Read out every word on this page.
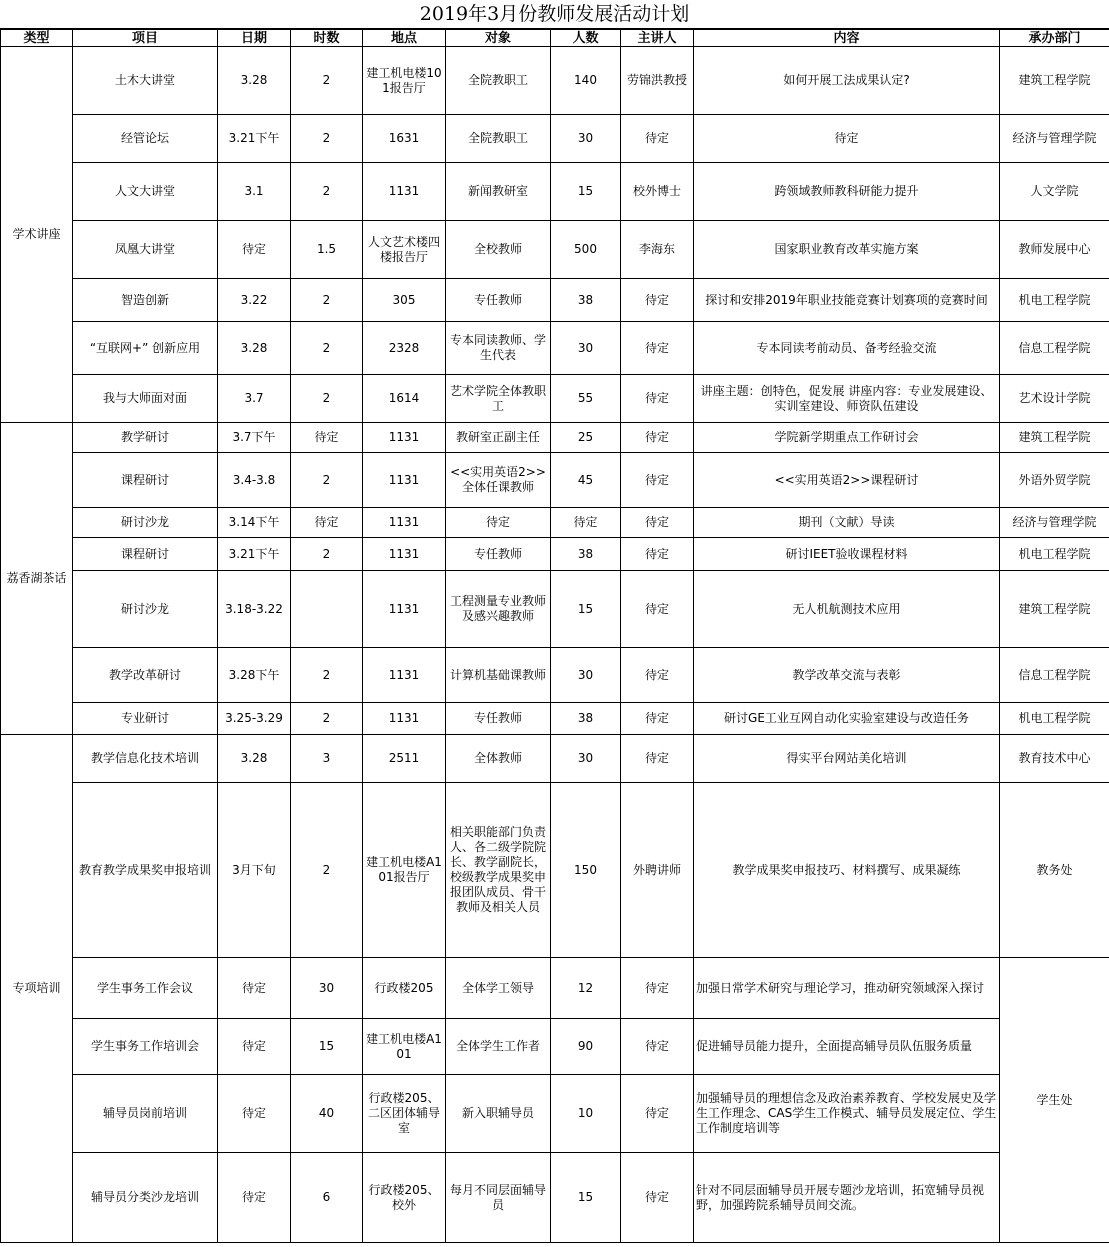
2019年3月份教师发展活动计划
类型	项目	日期	时数	地点	对象	人数	主讲人	内容	承办部门
学术讲座	土木大讲堂	3.28	2	建工机电楼101报告厅	全院教职工	140	劳锦洪教授	如何开展工法成果认定?	建筑工程学院
	经管论坛	3.21下午	2	1631	全院教职工	30	待定	待定	经济与管理学院
	人文大讲堂	3.1	2	1131	新闻教研室	15	校外博士	跨领域教师教科研能力提升	人文学院
	凤凰大讲堂	待定	1.5	人文艺术楼四楼报告厅	全校教师	500	李海东	国家职业教育改革实施方案	教师发展中心
	智造创新	3.22	2	305	专任教师	38	待定	探讨和安排2019年职业技能竞赛计划赛项的竞赛时间	机电工程学院
	“互联网+” 创新应用	3.28	2	2328	专本同读教师、学生代表	30	待定	专本同读考前动员、备考经验交流	信息工程学院
	我与大师面对面	3.7	2	1614	艺术学院全体教职工	55	待定	讲座主题：创特色，促发展 讲座内容：专业发展建设、实训室建设、师资队伍建设	艺术设计学院
荔香湖茶话	教学研讨	3.7下午	待定	1131	教研室正副主任	25	待定	学院新学期重点工作研讨会	建筑工程学院
	课程研讨	3.4-3.8	2	1131	<<实用英语2>>全体任课教师	45	待定	<<实用英语2>>课程研讨	外语外贸学院
	研讨沙龙	3.14下午	待定	1131	待定	待定	待定	期刊（文献）导读	经济与管理学院
	课程研讨	3.21下午	2	1131	专任教师	38	待定	研讨IEET验收课程材料	机电工程学院
	研讨沙龙	3.18-3.22		1131	工程测量专业教师及感兴趣教师	15	待定	无人机航测技术应用	建筑工程学院
	教学改革研讨	3.28下午	2	1131	计算机基础课教师	30	待定	教学改革交流与表彰	信息工程学院
	专业研讨	3.25-3.29	2	1131	专任教师	38	待定	研讨GE工业互网自动化实验室建设与改造任务	机电工程学院
专项培训	教学信息化技术培训	3.28	3	2511	全体教师	30	待定	得实平台网站美化培训	教育技术中心
	教育教学成果奖申报培训	3月下旬	2	建工机电楼A101报告厅	相关职能部门负责人、各二级学院院长、教学副院长，校级教学成果奖申报团队成员、骨干教师及相关人员	150	外聘讲师	教学成果奖申报技巧、材料撰写、成果凝练	教务处
	学生事务工作会议	待定	30	行政楼205	全体学工领导	12	待定	加强日常学术研究与理论学习，推动研究领域深入探讨	学生处
	学生事务工作培训会	待定	15	建工机电楼A101	全体学生工作者	90	待定	促进辅导员能力提升，全面提高辅导员队伍服务质量	
	辅导员岗前培训	待定	40	行政楼205、二区团体辅导室	新入职辅导员	10	待定	加强辅导员的理想信念及政治素养教育、学校发展史及学生工作理念、CAS学生工作模式、辅导员发展定位、学生工作制度培训等	
	辅导员分类沙龙培训	待定	6	行政楼205、校外	每月不同层面辅导员	15	待定	针对不同层面辅导员开展专题沙龙培训，拓宽辅导员视野，加强跨院系辅导员间交流。	
